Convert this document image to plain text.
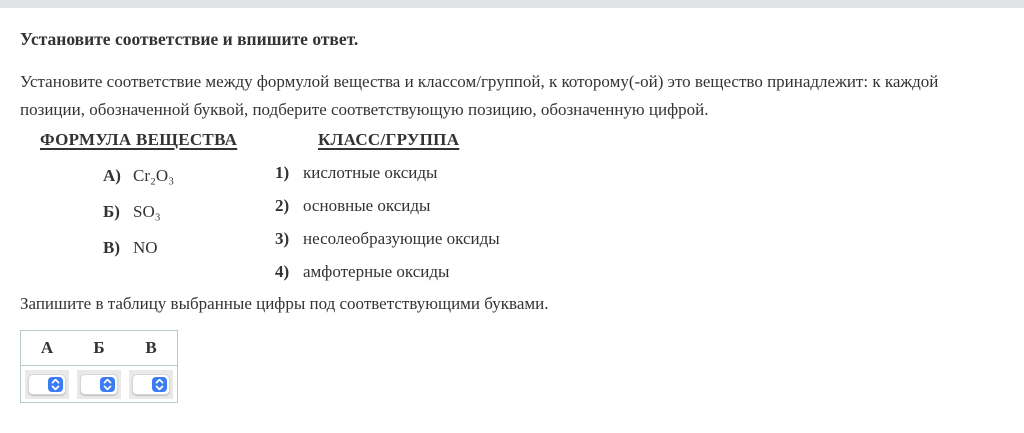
Установите соответствие и впишите ответ.
Установите соответствие между формулой вещества и классом/группой, к которому(-ой) это вещество принадлежит: к каждой
позиции, обозначенной буквой, подберите соответствующую позицию, обозначенную цифрой.
ФОРМУЛА ВЕЩЕСТВА
А) Cr₂O₃
Б) SO₃
В) NO
КЛАСС/ГРУППА
1) кислотные оксиды
2) основные оксиды
3) несолеобразующие оксиды
4) амфотерные оксиды
Запишите в таблицу выбранные цифры под соответствующими буквами.
А	Б	В
